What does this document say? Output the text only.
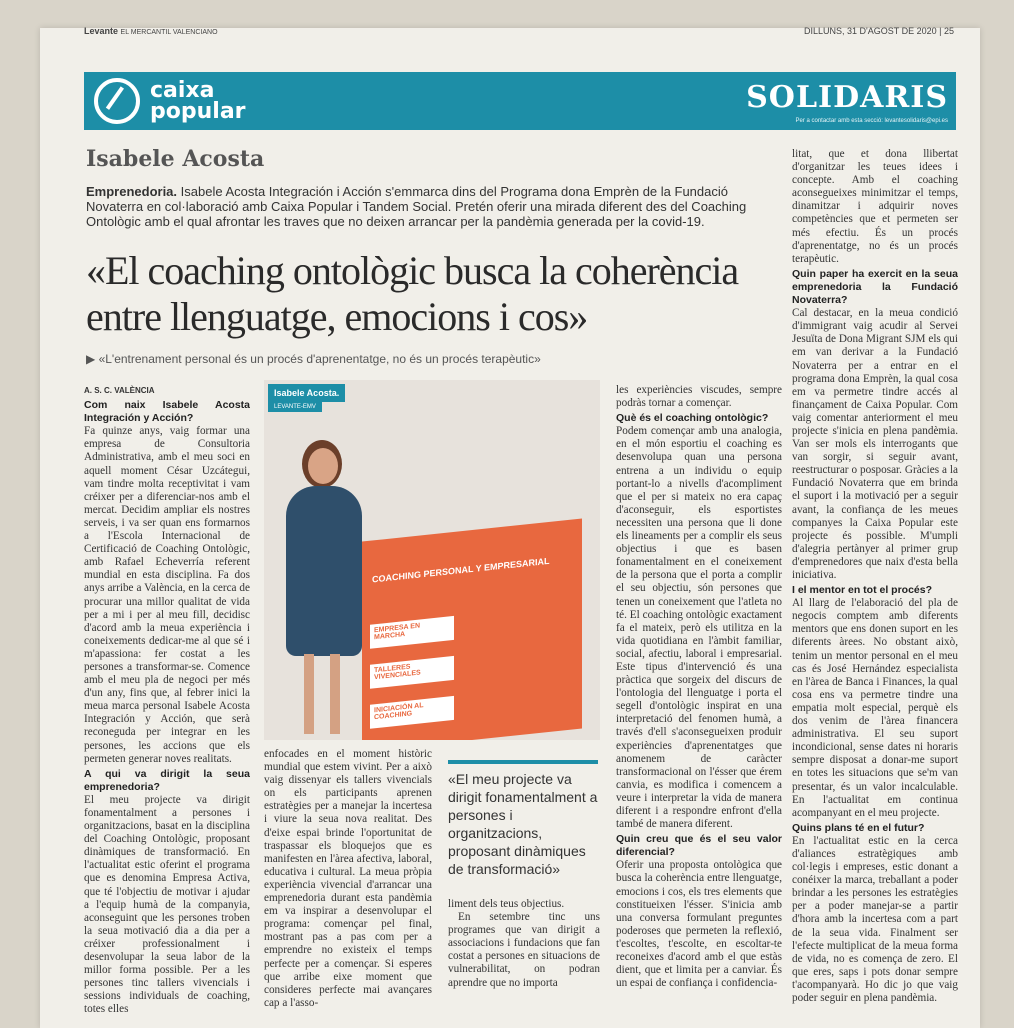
Levante EL MERCANTIL VALENCIANO	DILLUNS, 31 D'AGOST DE 2020 | 25
caixa
popular	SOLIDARIS
Per a contactar amb esta secció: levantesolidaris@epi.es
Isabele Acosta
Emprenedoria. Isabele Acosta Integración i Acción s'emmarca dins del Programa dona Emprèn de la Fundació Novaterra en col·laboració amb Caixa Popular i Tandem Social. Pretén oferir una mirada diferent des del Coaching Ontològic amb el qual afrontar les traves que no deixen arrancar per la pandèmia generada per la covid-19.
«El coaching ontològic busca la coherència entre llenguatge, emocions i cos»
▶ «L'entrenament personal és un procés d'aprenentatge, no és un procés terapèutic»

A. S. C. VALÈNCIA

Com naix Isabele Acosta Integración y Acción?

Fa quinze anys, vaig formar una empresa de Consultoria Administrativa, amb el meu soci en aquell moment César Uzcátegui, vam tindre molta receptivitat i vam créixer per a diferenciar-nos amb el mercat. Decidim ampliar els nostres serveis, i va ser quan ens formarnos a l'Escola Internacional de Certificació de Coaching Ontològic, amb Rafael Echeverría referent mundial en esta disciplina. Fa dos anys arribe a València, en la cerca de procurar una millor qualitat de vida per a mi i per al meu fill, decidisc d'acord amb la meua experiència i coneixements dedicar-me al que sé i m'apassiona: fer costat a les persones a transformar-se. Comence amb el meu pla de negoci per més d'un any, fins que, al febrer inici la meua marca personal Isabele Acosta Integración y Acción, que serà reconeguda per integrar en les persones, les accions que els permeten generar noves realitats.

A qui va dirigit la seua emprenedoria?

El meu projecte va dirigit fonamentalment a persones i organitzacions, basat en la disciplina del Coaching Ontològic, proposant dinàmiques de transformació. En l'actualitat estic oferint el programa que es denomina Empresa Activa, que té l'objectiu de motivar i ajudar a l'equip humà de la companyia, aconseguint que les persones troben la seua motivació dia a dia per a créixer professionalment i desenvolupar la seua labor de la millor forma possible. Per a les persones tinc tallers vivencials i sessions individuals de coaching, totes elles

COACHING PERSONAL Y EMPRESARIAL
EMPRESA EN MARCHA
TALLERES VIVENCIALES
INICIACIÓN AL COACHING
Isabele Acosta.
LEVANTE-EMV

enfocades en el moment històric mundial que estem vivint. Per a això vaig dissenyar els tallers vivencials on els participants aprenen estratègies per a manejar la incertesa i viure la seua nova realitat. Des d'eixe espai brinde l'oportunitat de traspassar els bloquejos que es manifesten en l'àrea afectiva, laboral, educativa i cultural. La meua pròpia experiència vivencial d'arrancar una emprenedoria durant esta pandèmia em va inspirar a desenvolupar el programa: començar pel final, mostrant pas a pas com per a emprendre no existeix el temps perfecte per a començar. Si esperes que arribe eixe moment que consideres perfecte mai avançares cap a l'asso-

«El meu projecte va dirigit fonamentalment a persones i organitzacions, proposant dinàmiques de transformació»

liment dels teus objectius.

En setembre tinc uns programes que van dirigit a associacions i fundacions que fan costat a persones en situacions de vulnerabilitat, on podran aprendre que no importa

les experiències viscudes, sempre podràs tornar a començar.

Què és el coaching ontològic?

Podem començar amb una analogia, en el món esportiu el coaching es desenvolupa quan una persona entrena a un individu o equip portant-lo a nivells d'acompliment que el per si mateix no era capaç d'aconseguir, els esportistes necessiten una persona que li done els lineaments per a complir els seus objectius i que es basen fonamentalment en el coneixement de la persona que el porta a complir el seu objectiu, són persones que tenen un coneixement que l'atleta no té. El coaching ontològic exactament fa el mateix, però els utilitza en la vida quotidiana en l'àmbit familiar, social, afectiu, laboral i empresarial. Este tipus d'intervenció és una pràctica que sorgeix del discurs de l'ontologia del llenguatge i porta el segell d'ontològic inspirat en una interpretació del fenomen humà, a través d'ell s'aconsegueixen produir experiències d'aprenentatges que anomenem de caràcter transformacional on l'ésser que érem canvia, es modifica i comencem a veure i interpretar la vida de manera diferent i a respondre enfront d'ella també de manera diferent.

Quin creu que és el seu valor diferencial?

Oferir una proposta ontològica que busca la coherència entre llenguatge, emocions i cos, els tres elements que constitueixen l'ésser. S'inicia amb una conversa formulant preguntes poderoses que permeten la reflexió, t'escoltes, t'escolte, en escoltar-te reconeixes d'acord amb el que estàs dient, que et limita per a canviar. És un espai de confiança i confidencia-

litat, que et dona llibertat d'organitzar les teues idees i concepte. Amb el coaching aconsegueixes minimitzar el temps, dinamitzar i adquirir noves competències que et permeten ser més efectiu. És un procés d'aprenentatge, no és un procés terapèutic.

Quin paper ha exercit en la seua emprenedoria la Fundació Novaterra?

Cal destacar, en la meua condició d'immigrant vaig acudir al Servei Jesuïta de Dona Migrant SJM els qui em van derivar a la Fundació Novaterra per a entrar en el programa dona Emprèn, la qual cosa em va permetre tindre accés al finançament de Caixa Popular. Com vaig comentar anteriorment el meu projecte s'inicia en plena pandèmia. Van ser mols els interrogants que van sorgir, si seguir avant, reestructurar o posposar. Gràcies a la Fundació Novaterra que em brinda el suport i la motivació per a seguir avant, la confiança de les meues companyes la Caixa Popular este projecte és possible. M'umpli d'alegria pertànyer al primer grup d'emprenedores que naix d'esta bella iniciativa.

I el mentor en tot el procés?

Al llarg de l'elaboració del pla de negocis comptem amb diferents mentors que ens donen suport en les diferents àrees. No obstant això, tenim un mentor personal en el meu cas és José Hernández especialista en l'àrea de Banca i Finances, la qual cosa ens va permetre tindre una empatia molt especial, perquè els dos venim de l'àrea financera administrativa. El seu suport incondicional, sense dates ni horaris sempre disposat a donar-me suport en totes les situacions que se'm van presentar, és un valor incalculable. En l'actualitat em continua acompanyant en el meu projecte.

Quins plans té en el futur?

En l'actualitat estic en la cerca d'aliances estratègiques amb col·legis i empreses, estic donant a conéixer la marca, treballant a poder brindar a les persones les estratègies per a poder manejar-se a partir d'hora amb la incertesa com a part de la seua vida. Finalment ser l'efecte multiplicat de la meua forma de vida, no es comença de zero. El que eres, saps i pots donar sempre t'acompanyarà. Ho dic jo que vaig poder seguir en plena pandèmia.
